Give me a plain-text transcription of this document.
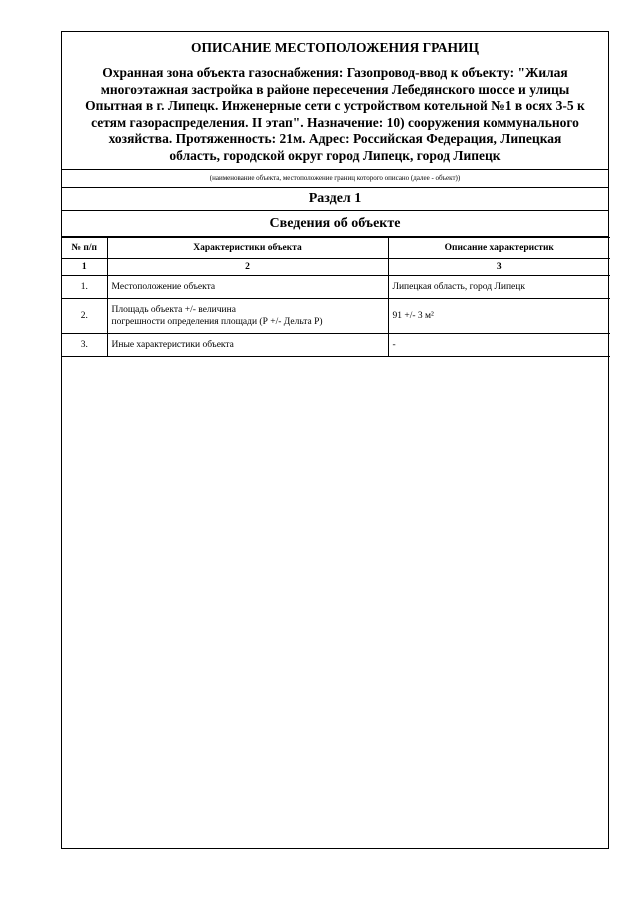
ОПИСАНИЕ МЕСТОПОЛОЖЕНИЯ ГРАНИЦ

Охранная зона объекта газоснабжения: Газопровод-ввод к объекту: "Жилая
многоэтажная застройка в районе пересечения Лебедянского шоссе и улицы
Опытная в г. Липецк. Инженерные сети с устройством котельной №1 в осях 3-5 к
сетям газораспределения. II этап". Назначение: 10) сооружения коммунального
хозяйства. Протяженность: 21м. Адрес: Российская Федерация, Липецкая
область, городской округ город Липецк, город Липецк
(наименование объекта, местоположение границ которого описано (далее - объект))
Раздел 1
Сведения об объекте
№ п/п	Характеристики объекта	Описание характеристик
1	2	3
1.	Местоположение объекта	Липецкая область, город Липецк
2.	Площадь объекта +/- величина
погрешности определения площади (Р +/- Дельта Р)	91 +/- 3 м²
3.	Иные характеристики объекта	-
